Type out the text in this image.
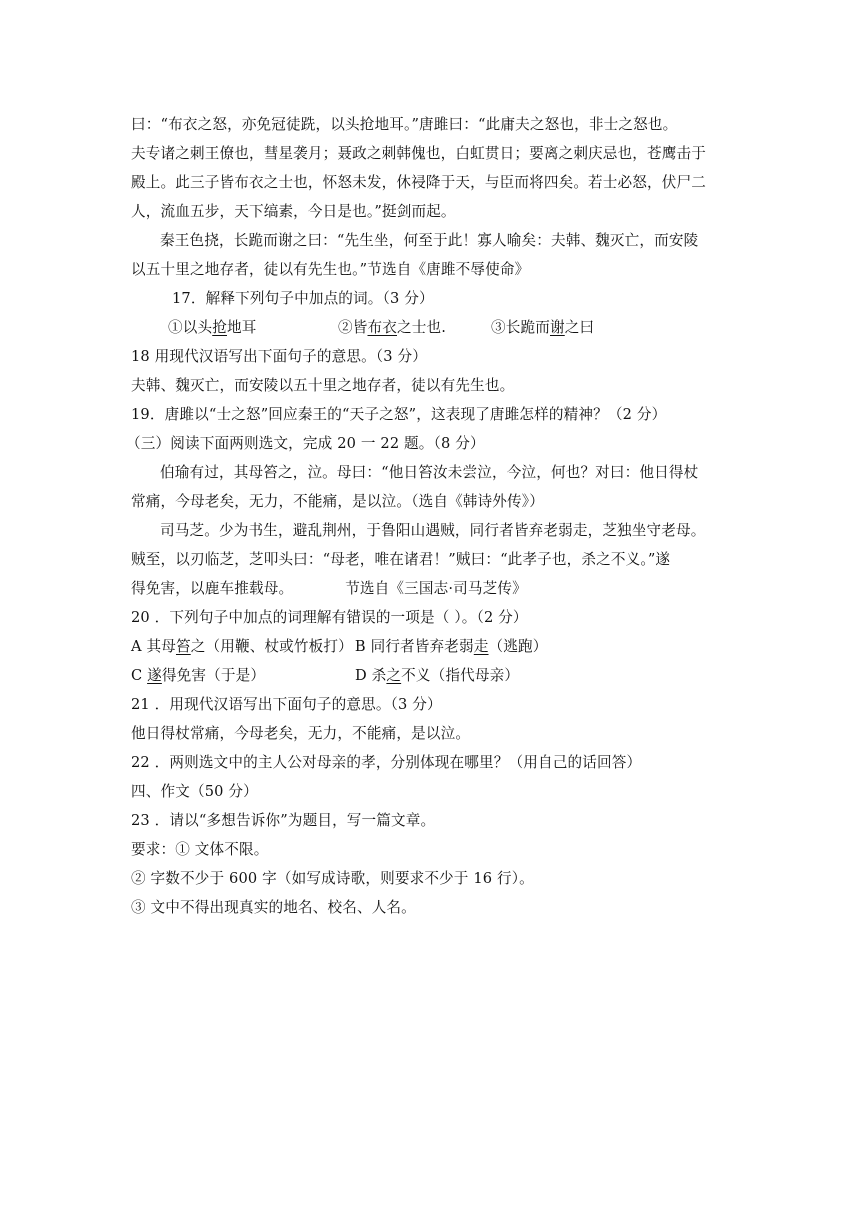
曰：“布衣之怒，亦免冠徒跣，以头抢地耳。”唐雎曰：“此庸夫之怒也，非士之怒也。
夫专诸之刺王僚也，彗星袭月；聂政之刺韩傀也，白虹贯日；要离之刺庆忌也，苍鹰击于
殿上。此三子皆布衣之士也，怀怒未发，休祲降于天，与臣而将四矣。若士必怒，伏尸二
人，流血五步，天下缟素，今日是也。”挺剑而起。
秦王色挠，长跪而谢之曰：“先生坐，何至于此！寡人喻矣：夫韩、魏灭亡，而安陵
以五十里之地存者，徒以有先生也。”节选自《唐雎不辱使命》
17．解释下列句子中加点的词。（3 分）
①以头抢地耳	②皆布衣之士也.	③长跪而谢之曰
18 用现代汉语写出下面句子的意思。（3 分）
夫韩、魏灭亡，而安陵以五十里之地存者，徒以有先生也。
19．唐雎以“士之怒”回应秦王的“天子之怒”，这表现了唐雎怎样的精神？（2 分）
（三）阅读下面两则选文，完成 20 一 22 题。（8 分）
伯瑜有过，其母笞之，泣。母曰：“他日笞汝未尝泣，今泣，何也？对曰：他日得杖
常痛，今母老矣，无力，不能痛，是以泣。（选自《韩诗外传》）
司马芝。少为书生，避乱荆州，于鲁阳山遇贼，同行者皆弃老弱走，芝独坐守老母。
贼至，以刃临芝，芝叩头曰：“母老，唯在诸君！”贼曰：“此孝子也，杀之不义。”遂
得免害，以鹿车推载母。	节选自《三国志·司马芝传》
20 ．下列句子中加点的词理解有错误的一项是（ ）。（2 分）
A 其母笞之（用鞭、杖或竹板打） B 同行者皆弃老弱走（逃跑）
C 遂得免害（于是）	D 杀之不义（指代母亲）
21 ．用现代汉语写出下面句子的意思。（3 分）
他日得杖常痛，今母老矣，无力，不能痛，是以泣。
22 ．两则选文中的主人公对母亲的孝，分别体现在哪里？（用自己的话回答）
四、作文（50 分）
23 ．请以“多想告诉你”为题目，写一篇文章。
要求：① 文体不限。
② 字数不少于 600 字（如写成诗歌，则要求不少于 16 行）。
③ 文中不得出现真实的地名、校名、人名。
